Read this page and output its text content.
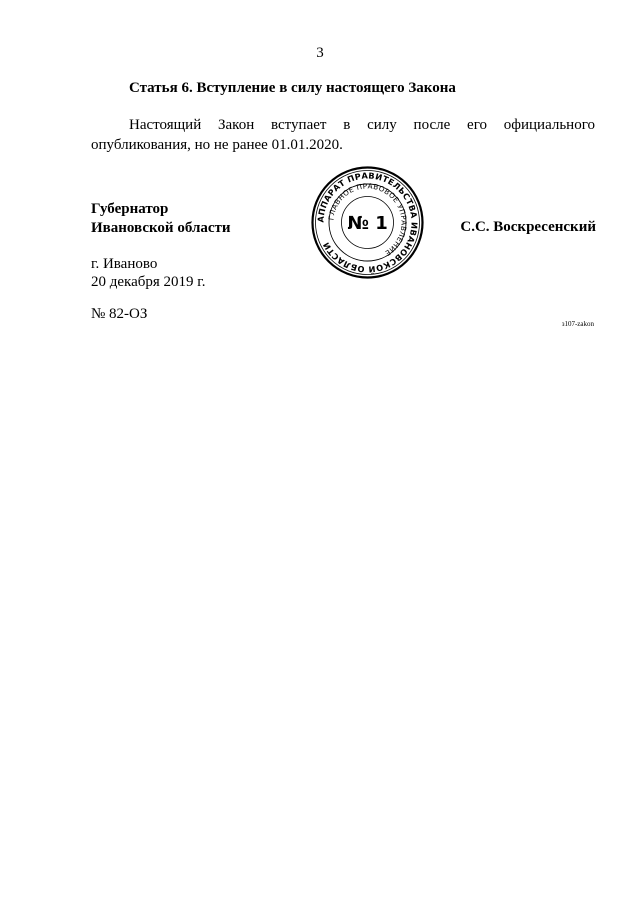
3
Статья 6. Вступление в силу настоящего Закона
Настоящий Закон вступает в силу после его официального
опубликования, но не ранее 01.01.2020.
Губернатор
Ивановской области
АППАРАТ ПРАВИТЕЛЬСТВА ИВАНОВСКОЙ ОБЛАСТИ
ГЛАВНОЕ ПРАВОВОЕ УПРАВЛЕНИЕ
№ 1	С.С. Воскресенский
г. Иваново
20 декабря 2019 г.
№ 82-ОЗ
з107-zakon
